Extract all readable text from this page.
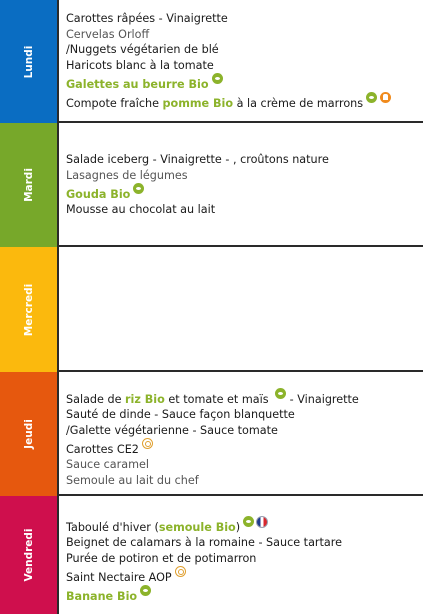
Lundi
Carottes râpées - Vinaigrette
Cervelas Orloff
/Nuggets végétarien de blé
Haricots blanc à la tomate
Galettes au beurre Bio
Compote fraîche pomme Bio à la crème de marrons
Mardi
Salade iceberg - Vinaigrette - , croûtons nature
Lasagnes de légumes
Gouda Bio
Mousse au chocolat au lait
Mercredi
Jeudi
Salade de riz Bio et tomate et maïs  - Vinaigrette
Sauté de dinde - Sauce façon blanquette
/Galette végétarienne - Sauce tomate
Carottes CE2
Sauce caramel
Semoule au lait du chef
Vendredi
Taboulé d'hiver (semoule Bio)
Beignet de calamars à la romaine - Sauce tartare
Purée de potiron et de potimarron
Saint Nectaire AOP
Banane Bio
